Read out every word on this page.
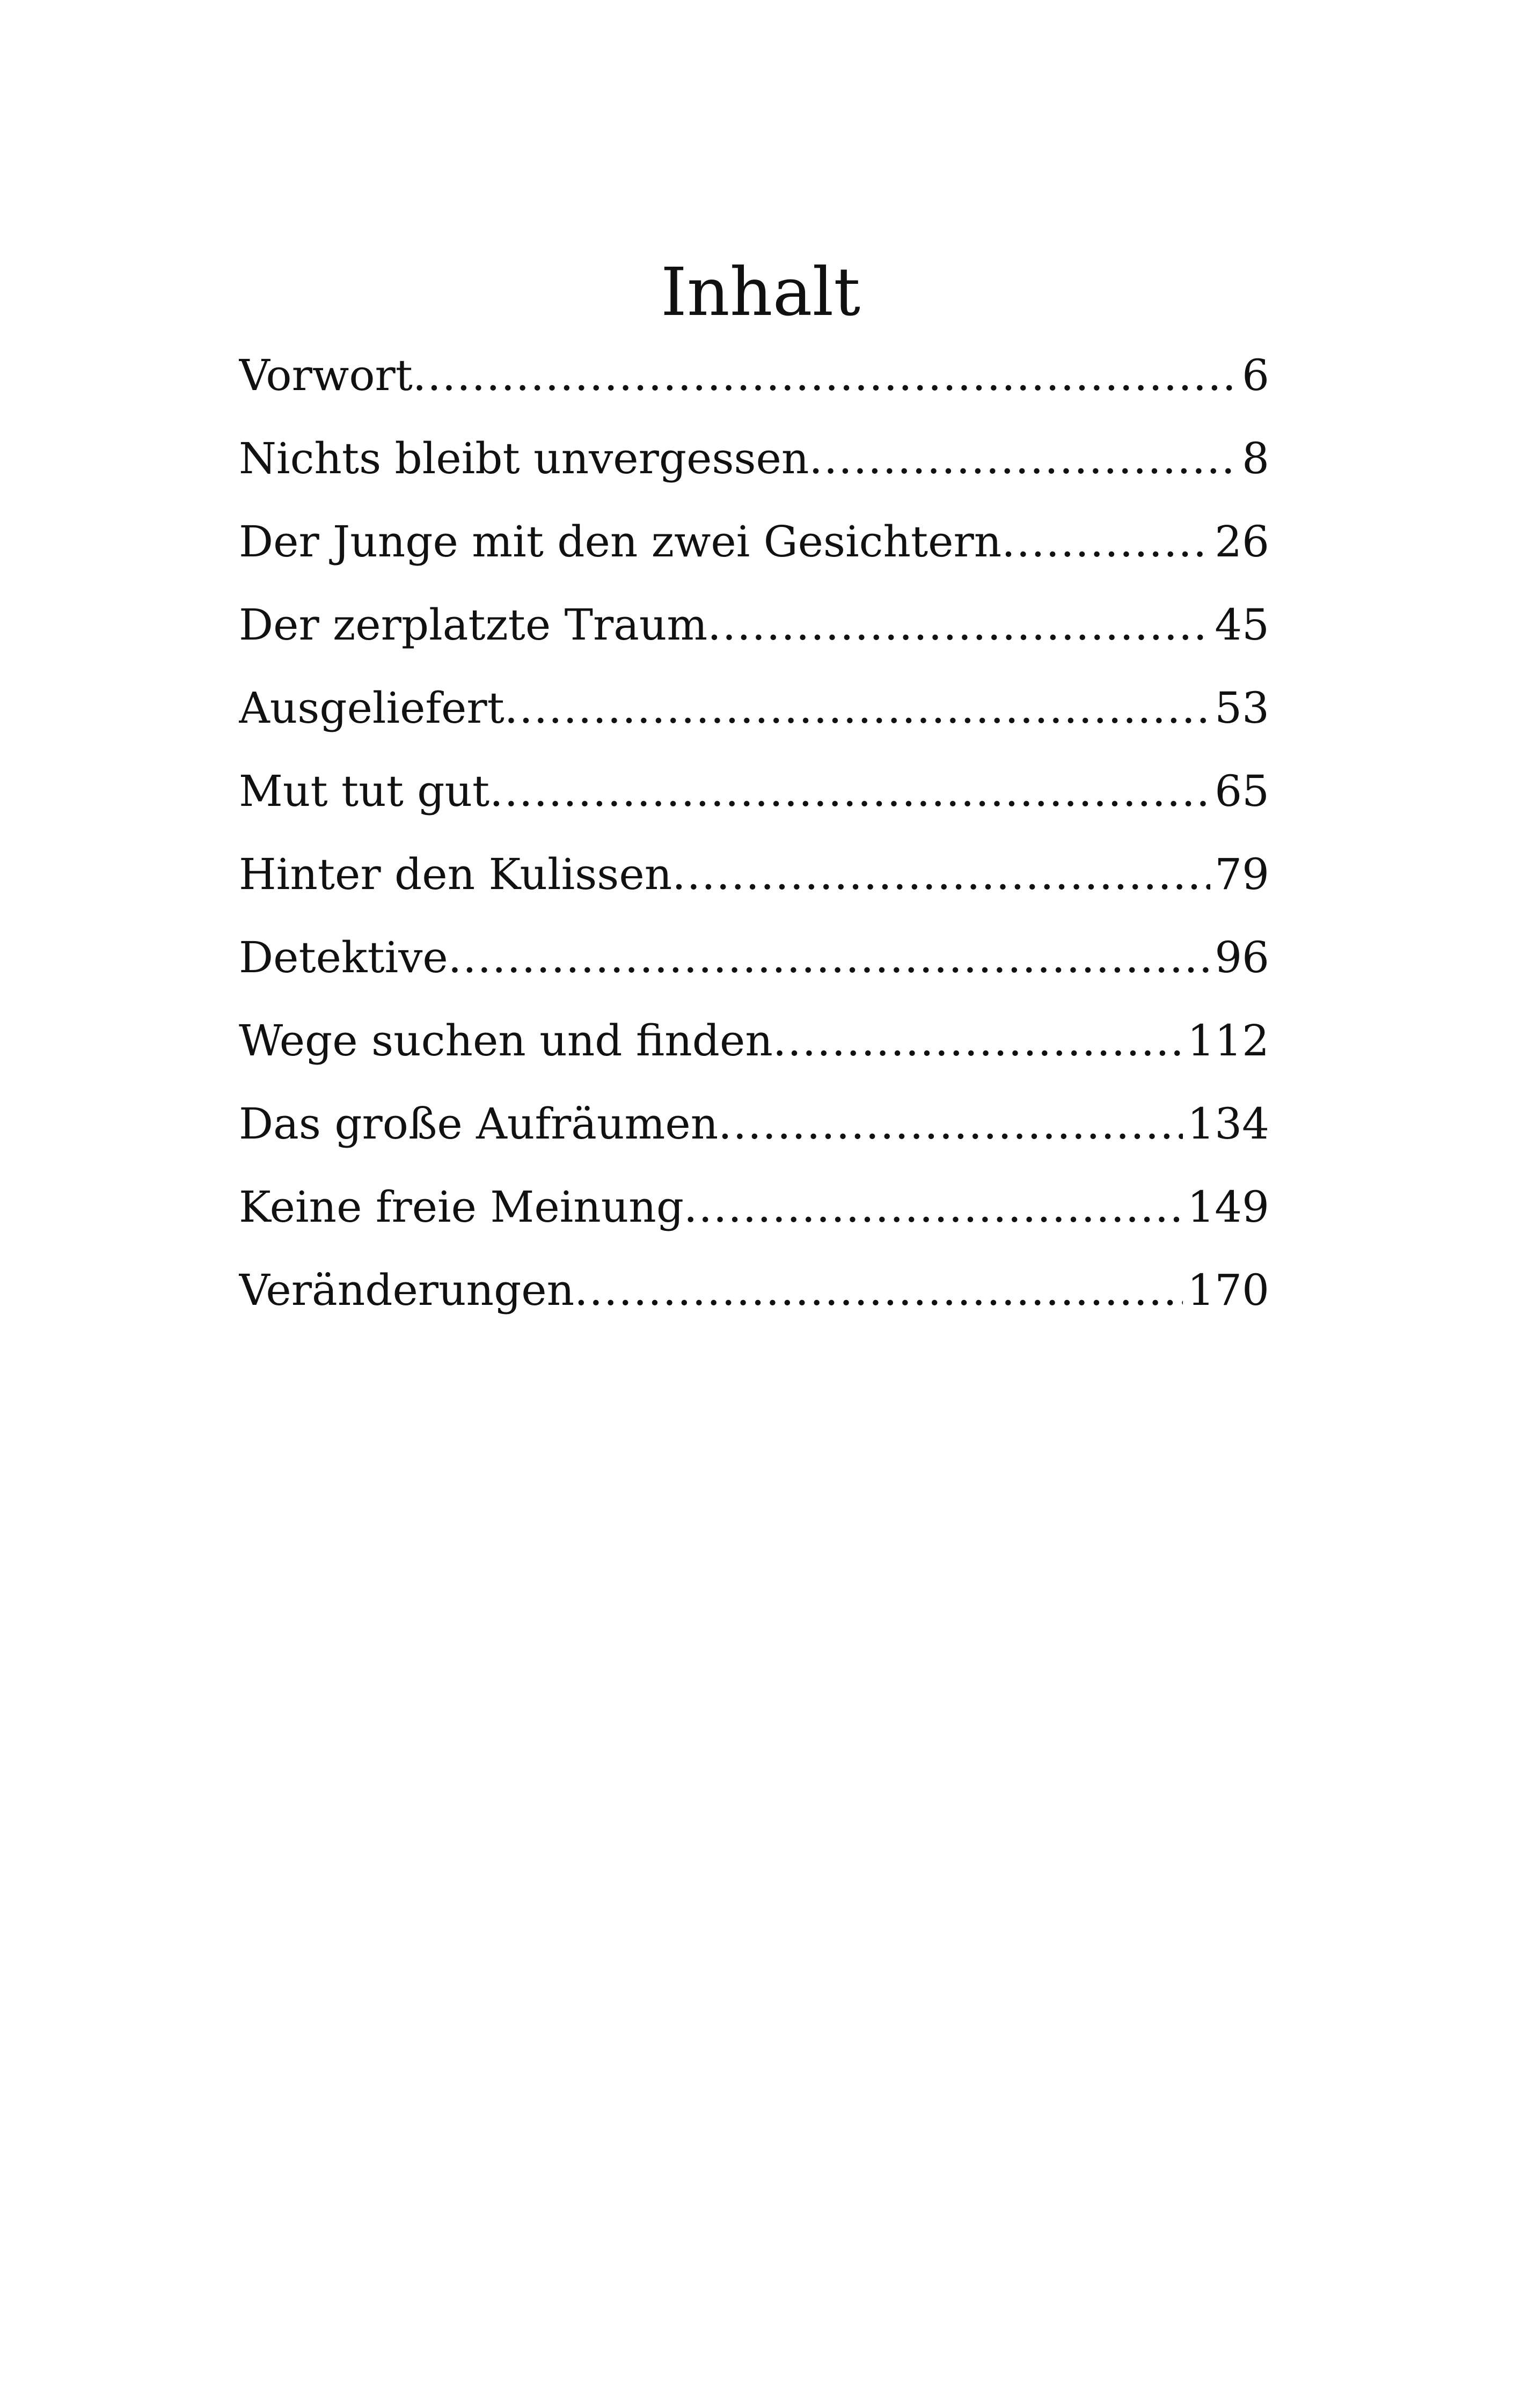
Inhalt
Vorwort .....	6
Nichts bleibt unvergessen .....	8
Der Junge mit den zwei Gesichtern .....	26
Der zerplatzte Traum .....	45
Ausgeliefert .....	53
Mut tut gut .....	65
Hinter den Kulissen .....	79
Detektive .....	96
Wege suchen und finden .....	112
Das große Aufräumen .....	134
Keine freie Meinung .....	149
Veränderungen .....	170
